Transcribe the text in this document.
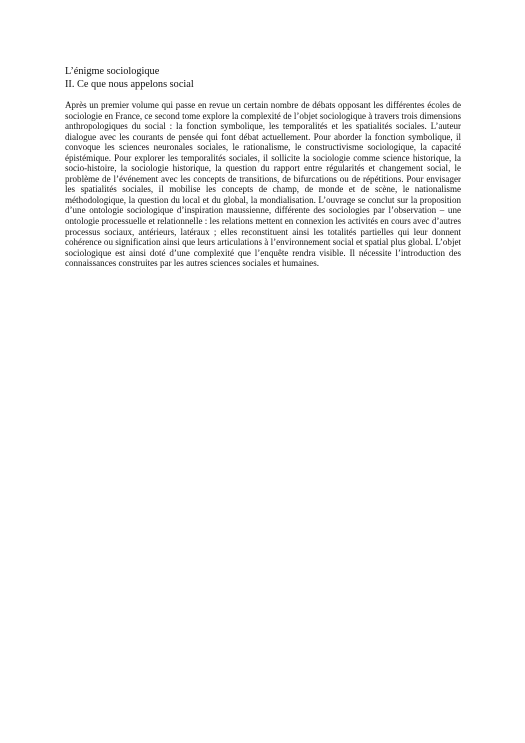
L’énigme sociologique

II. Ce que nous appelons social

Après un premier volume qui passe en revue un certain nombre de débats opposant les différentes écoles de sociologie en France, ce second tome explore la complexité de l’objet sociologique à travers trois dimensions anthropologiques du social : la fonction symbolique, les temporalités et les spatialités sociales. L’auteur dialogue avec les courants de pensée qui font débat actuellement. Pour aborder la fonction symbolique, il convoque les sciences neuronales sociales, le rationalisme, le constructivisme sociologique, la capacité épistémique. Pour explorer les temporalités sociales, il sollicite la sociologie comme science historique, la socio-histoire, la sociologie historique, la question du rapport entre régularités et changement social, le problème de l’événement avec les concepts de transitions, de bifurcations ou de répétitions. Pour envisager les spatialités sociales, il mobilise les concepts de champ, de monde et de scène, le nationalisme méthodologique, la question du local et du global, la mondialisation. L’ouvrage se conclut sur la proposition d’une ontologie sociologique d’inspiration maussienne, différente des sociologies par l’observation – une ontologie processuelle et relationnelle : les relations mettent en connexion les activités en cours avec d’autres processus sociaux, antérieurs, latéraux ; elles reconstituent ainsi les totalités partielles qui leur donnent cohérence ou signification ainsi que leurs articulations à l’environnement social et spatial plus global. L’objet sociologique est ainsi doté d’une complexité que l’enquête rendra visible. Il nécessite l’introduction des connaissances construites par les autres sciences sociales et humaines.
